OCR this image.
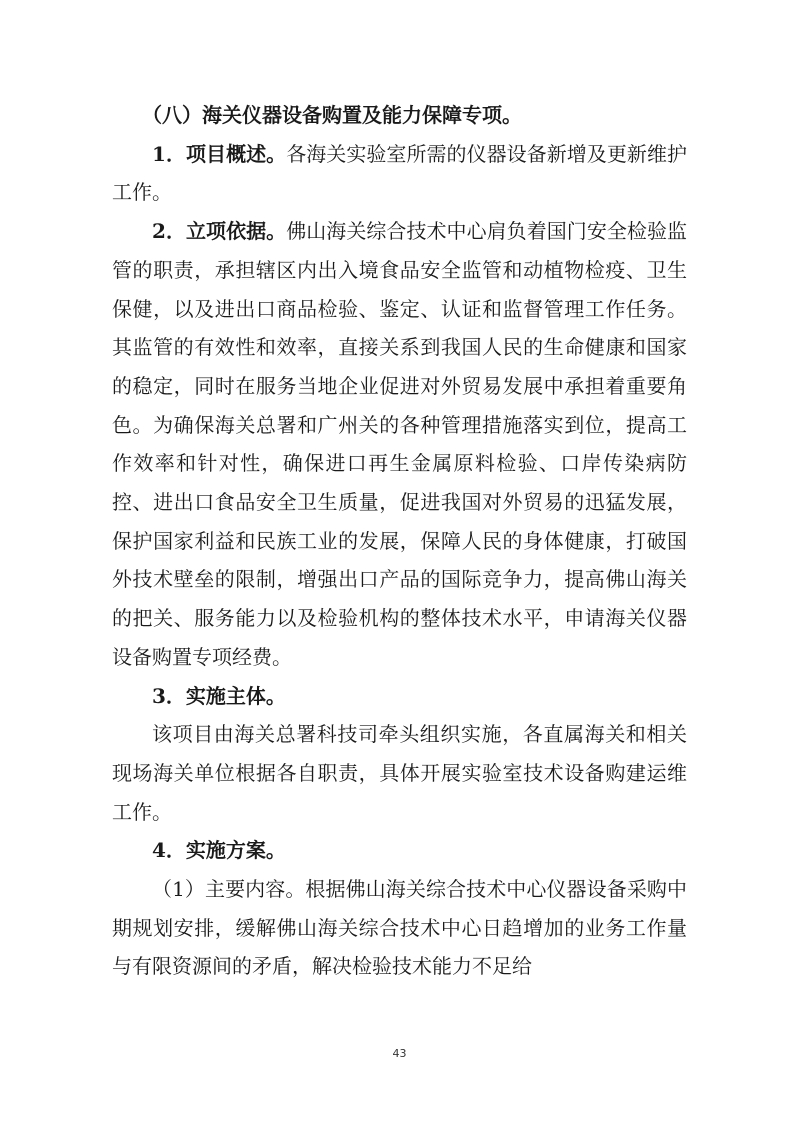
（八）海关仪器设备购置及能力保障专项。

1．项目概述。各海关实验室所需的仪器设备新增及更新维护工作。

2．立项依据。佛山海关综合技术中心肩负着国门安全检验监管的职责，承担辖区内出入境食品安全监管和动植物检疫、卫生保健，以及进出口商品检验、鉴定、认证和监督管理工作任务。其监管的有效性和效率，直接关系到我国人民的生命健康和国家的稳定，同时在服务当地企业促进对外贸易发展中承担着重要角色。为确保海关总署和广州关的各种管理措施落实到位，提高工作效率和针对性，确保进口再生金属原料检验、口岸传染病防控、进出口食品安全卫生质量，促进我国对外贸易的迅猛发展，保护国家利益和民族工业的发展，保障人民的身体健康，打破国外技术壁垒的限制，增强出口产品的国际竞争力，提高佛山海关的把关、服务能力以及检验机构的整体技术水平，申请海关仪器设备购置专项经费。

3．实施主体。

该项目由海关总署科技司牵头组织实施，各直属海关和相关现场海关单位根据各自职责，具体开展实验室技术设备购建运维工作。

4．实施方案。

（1）主要内容。根据佛山海关综合技术中心仪器设备采购中期规划安排，缓解佛山海关综合技术中心日趋增加的业务工作量与有限资源间的矛盾，解决检验技术能力不足给

43
